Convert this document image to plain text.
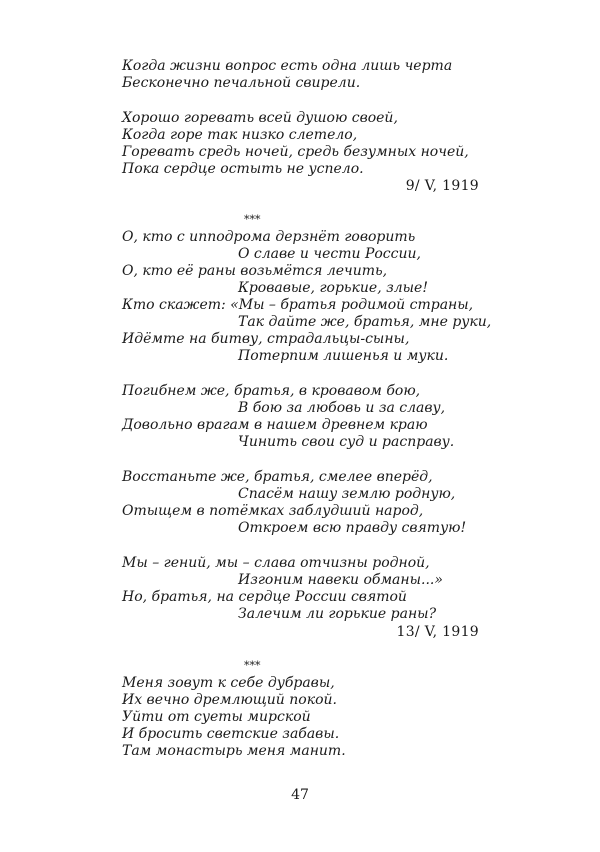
Когда жизни вопрос есть одна лишь черта
Бесконечно печальной свирели.
Хорошо горевать всей душою своей,
Когда горе так низко слетело,
Горевать средь ночей, средь безумных ночей,
Пока сердце остыть не успело.
9/ V, 1919
***
О, кто с ипподрома дерзнёт говорить
О славе и чести России,
О, кто её раны возьмётся лечить,
Кровавые, горькие, злые!
Кто скажет: «Мы – братья родимой страны,
Так дайте же, братья, мне руки,
Идёмте на битву, страдальцы-сыны,
Потерпим лишенья и муки.
Погибнем же, братья, в кровавом бою,
В бою за любовь и за славу,
Довольно врагам в нашем древнем краю
Чинить свои суд и расправу.
Восстаньте же, братья, смелее вперёд,
Спасём нашу землю родную,
Отыщем в потёмках заблудший народ,
Откроем всю правду святую!
Мы – гений, мы – слава отчизны родной,
Изгоним навеки обманы...»
Но, братья, на сердце России святой
Залечим ли горькие раны?
13/ V, 1919
***
Меня зовут к себе дубравы,
Их вечно дремлющий покой.
Уйти от суеты мирской
И бросить светские забавы.
Там монастырь меня манит.
47
